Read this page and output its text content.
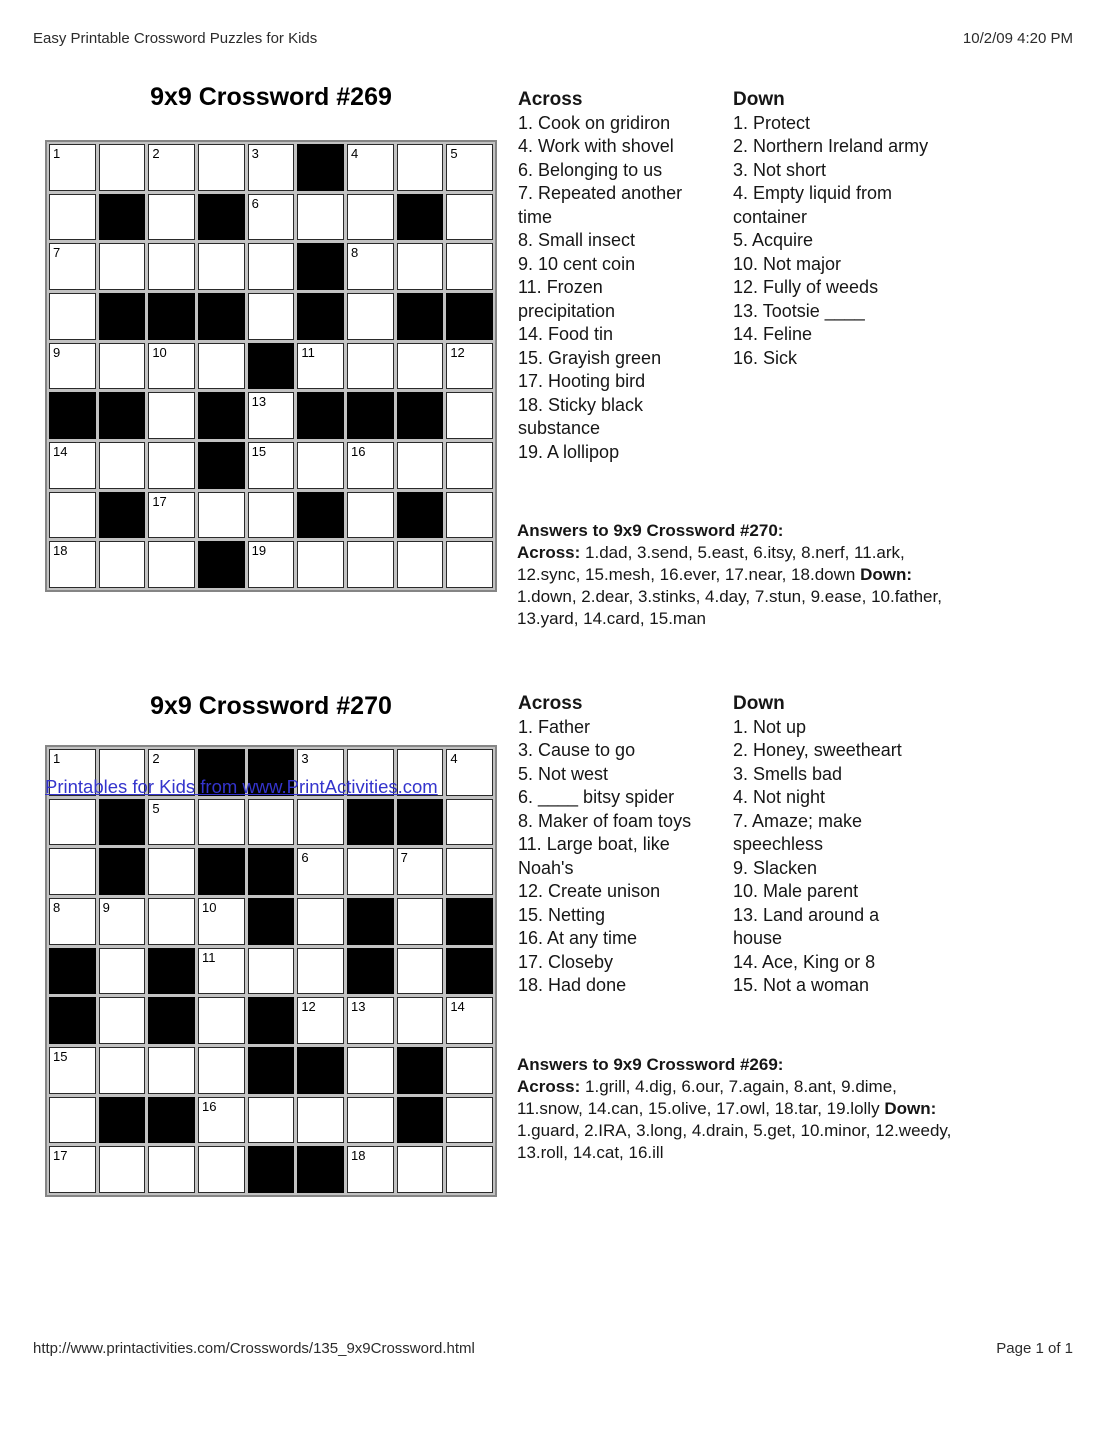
Easy Printable Crossword Puzzles for Kids	10/2/09 4:20 PM
9x9 Crossword #269
1	2	3	4	5
6
7	8
9	10	11	12
13
14	15	16
17
18	19
Across
1. Cook on gridiron
4. Work with shovel
6. Belonging to us
7. Repeated another
time
8. Small insect
9. 10 cent coin
11. Frozen
precipitation
14. Food tin
15. Grayish green
17. Hooting bird
18. Sticky black
substance
19. A lollipop
Down
1. Protect
2. Northern Ireland army
3. Not short
4. Empty liquid from
container
5. Acquire
10. Not major
12. Fully of weeds
13. Tootsie ____
14. Feline
16. Sick
Answers to 9x9 Crossword #270:
Across: 1.dad, 3.send, 5.east, 6.itsy, 8.nerf, 11.ark,
12.sync, 15.mesh, 16.ever, 17.near, 18.down Down:
1.down, 2.dear, 3.stinks, 4.day, 7.stun, 9.ease, 10.father,
13.yard, 14.card, 15.man
9x9 Crossword #270
1	2	3	4
5
6	7
8	9	10
11
12	13	14
15
16
17	18
Printables for Kids from www.PrintActivities.com
Across
1. Father
3. Cause to go
5. Not west
6. ____ bitsy spider
8. Maker of foam toys
11. Large boat, like
Noah's
12. Create unison
15. Netting
16. At any time
17. Closeby
18. Had done
Down
1. Not up
2. Honey, sweetheart
3. Smells bad
4. Not night
7. Amaze; make
speechless
9. Slacken
10. Male parent
13. Land around a
house
14. Ace, King or 8
15. Not a woman
Answers to 9x9 Crossword #269:
Across: 1.grill, 4.dig, 6.our, 7.again, 8.ant, 9.dime,
11.snow, 14.can, 15.olive, 17.owl, 18.tar, 19.lolly Down:
1.guard, 2.IRA, 3.long, 4.drain, 5.get, 10.minor, 12.weedy,
13.roll, 14.cat, 16.ill
http://www.printactivities.com/Crosswords/135_9x9Crossword.html	Page 1 of 1
